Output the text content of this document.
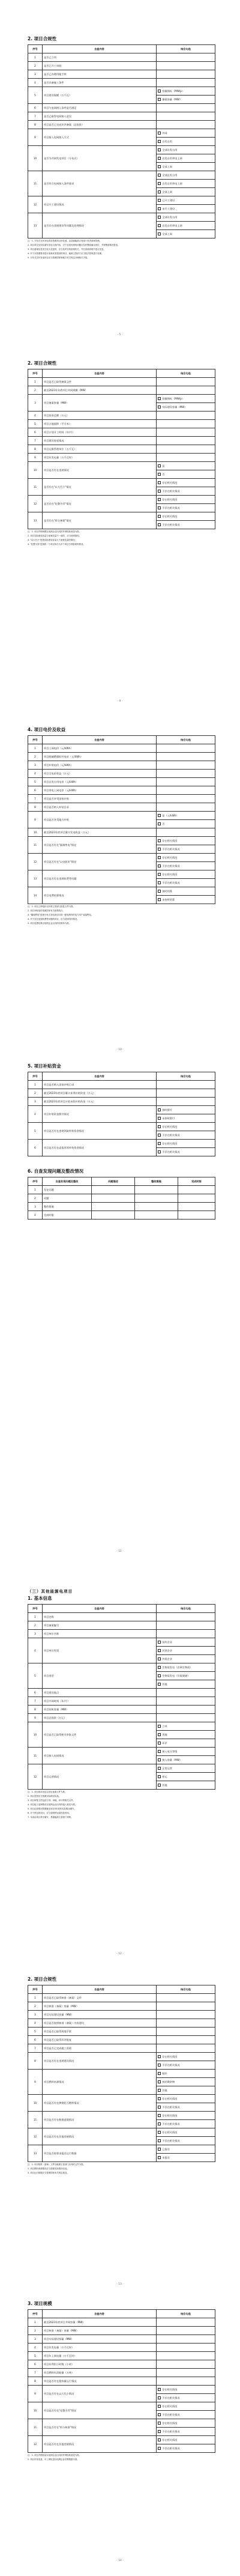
2. 项目合规性
序号	自查内容	结合勾选
1	是否已立项	
2	是否已开工审批	
3	是否已办理用地手续	
4	是否具备施工条件	
5	项目建设规模（万千瓦）	容量指标（MW/p）
		备案容量（MW）
6	项目与电网接入条件是否满足	
7	是否已取得电网接入意见	
8	项目是否已完成环评备案（总投资）	
9	项目接入电网接入方式	并网
		自发自用
10	是否为并网发电项目（分布式）	全部自发自用
		自发自用余电上网
		全部上网
11	是否符合电网接入条件要求	全部自发自用
		自发自用余电上网
		全部上网
12	项目开工建设情况	已开工建设
		未开工建设
13	是否存在违规建设等问题及处理情况	全部自发自用
		自发自用余电上网
		全部上网
注：1. 分布式光伏发电项目按照项目所在地，由县级能源主管部门负责备案管理。
2. 项目单位应如实填写项目自查内容，对于自查发现的问题应及时整改落实到位，并将整改情况报送。
3. 项目备案信息发生较大变更的，应当及时告知备案机关，并在备案系统中进行变更。
4. 对于未按照要求进行备案或者建设的项目，能源主管部门应当依法依规进行处理。
5. 分布式光伏发电项目应当按照国家和地方有关规定办理相关手续。
2. 项目合规性
序号	自查内容	结合勾选
1	项目是否已取得备案文件	
2	截至2023年年底项目并网规模（MW）	
3	项目备案容量（MW）	容量指标（MW/p）
		实际建设容量（MW）
4	项目投资总额（万元）	
5	项目占地面积（平方米）	
6	项目计划开工时间（年/月）	
7	项目建设进度情况	
8	项目运维管理单位（万千瓦）	
9	项目年发电量（万千瓦时）	
10	项目是否存在违规情况	是
		否
11	是否存在"以大代小"情况	存在相关情况
		不存在相关情况
12	是否存在"化整为零"情况	存在相关情况
		不存在相关情况
13	是否存在"拆分备案"情况	存在相关情况
		不存在相关情况
注：1. 项目并网规模以电网企业出具的并网验收意见为准。
2. 项目实际建设容量与备案容量不一致的，应当说明原因。
3. "以大代小"是指实际建设容量大于备案容量的情况。
4. "化整为零"是指将一个项目拆分为多个项目分别备案的情况。
4. 项目电价及收益
序号	自查内容	结合勾选
1	项目上网电价（元/kWh）	
2	项目脱硫燃煤标杆电价（元/kWh）	
3	项目补贴电价（元/kWh）	
4	项目全电价收益（万元）	
5	项目自发自用电价（元/kWh）	
6	项目余电上网电价（元/kWh）	
7	项目是否享受国家补贴	
8	项目是否纳入补贴目录	
9	项目是否享受地方补贴	是（元/kWh）
		否
10	截至2023年底项目累计发电收益（万元）	
11	项目是否存在"隔墙售电"情况	存在相关情况
		不存在相关情况
12	项目是否存在"以电折价"情况	存在相关情况
		不存在相关情况
13	项目是否存在违规收费等问题	存在相关情况
		不存在相关情况
14	项目电费结算情况	按时结算
		未按时结算
注：1. 项目上网电价以价格主管部门批复文件为准。
2. 项目补贴电价按照国家有关政策执行。
3. "隔墙售电"是指分布式发电项目向同一配电网内的电力用户直接售电。
4. 对于存在违规收费等问题的项目，应当说明具体情况。
5. 项目电费结算以电网企业出具的结算单为准。
5. 项目补贴资金
序号	自查内容	结合勾选
1	项目是否纳入国家补贴目录	
2	截至2023年底项目累计获得补贴资金（万元）	
3	截至2023年底项目应收未收补贴资金（万元）	
4	项目补贴资金拨付情况	按时拨付
		未按时拨付
5	项目是否存在违规领取补贴资金情况	存在相关情况
		不存在相关情况
6	项目是否存在虚报冒领补贴资金情况	存在相关情况
		不存在相关情况
6. 自查发现问题及整改情况
序号	自查发现问题及整改	问题描述	整改措施	完成时限
1	存在问题			
2	问题			
3	整改措施			
4	完成时限			
（三）其他能源电项目
1. 基本信息
序号	自查内容	结合勾选
1	项目名称	
2	项目备案编号	
3	项目单位名称	
4	项目单位性质	国有企业
		民营企业
		外资企业
5	项目类型	生物质发电（农林生物质）
		生物质发电（垃圾焚烧）
		其他
6	项目建设地点	
7	项目并网时间（年/月）	
8	项目装机容量（MW）	
9	项目总投资（万元）	
10	项目是否已取得相关审批文件	立项
		用地
		环评
11	项目接入电网情况	接入电压等级
		接入容量（MW）
12	项目运营情况	正常运营
		停运
		其他
注：1. 项目基本信息以项目备案文件为准。
2. 项目类型应当按照实际情况勾选。
3. 项目审批文件包括立项、用地、环评等相关文件。
4. 项目接入电网情况以电网企业出具的接入意见为准。
5. 项目运营情况按照截至2023年底的实际情况填写。
6. 对于停运的项目，应当说明停运原因及时间。
7. 本表由项目单位填写，县级能源主管部门审核。
2. 项目合规性
序号	自查内容	结合勾选
1	项目是否已取得核准（备案）文件	
2	项目核准（备案）容量（MW）	
3	项目实际建设容量（MW）	
4	项目是否按照核准（备案）内容建设	
5	项目是否已取得用地手续	
6	项目是否已取得环评批复	
7	项目是否已完成竣工验收	
8	项目是否存在违规建设情况	存在相关情况
		不存在相关情况
9	项目燃料来源情况	秸秆
		林业剩余物
		其他
10	项目是否存在掺烧化石燃料情况	存在相关情况
		不存在相关情况
11	项目是否存在数据造假情况	存在相关情况
		不存在相关情况
12	项目是否存在其他违规情况	存在相关情况
		不存在相关情况
13	项目是否按要求报送运行数据	已报送
		未报送
注：1. 项目核准（备案）文件以能源主管部门出具的文件为准。
2. 项目燃料来源情况应当按照实际情况勾选。
3. 项目运行数据应当按照国家有关规定报送。
3. 项目规模
序号	自查内容	结合勾选
1	截至2023年底项目并网容量（MW）	
2	项目核准（备案）容量（MW）	
3	项目实际建设容量（MW）	
4	项目年发电量（万千瓦时）	
5	项目年上网电量（万千瓦时）	
6	项目年利用小时数（小时）	
7	项目燃料年消耗量（万吨）	
8	项目是否存在超容量运行情况	
9	项目是否存在以大代小情况	存在相关情况
		不存在相关情况
10	项目是否存在"化整为零"情况	存在相关情况
		不存在相关情况
11	项目是否存在"拆分核准"情况	存在相关情况
		不存在相关情况
12	项目是否存在其他违规情况	存在相关情况
		不存在相关情况
注：1. 项目并网容量以电网企业出具的并网验收意见为准。
2. 项目年发电量、年上网电量以电网企业结算数据为准。
- 5 -
- 9 -
- 10 -
- 11 -
- 12 -
- 13 -
- 14 -
